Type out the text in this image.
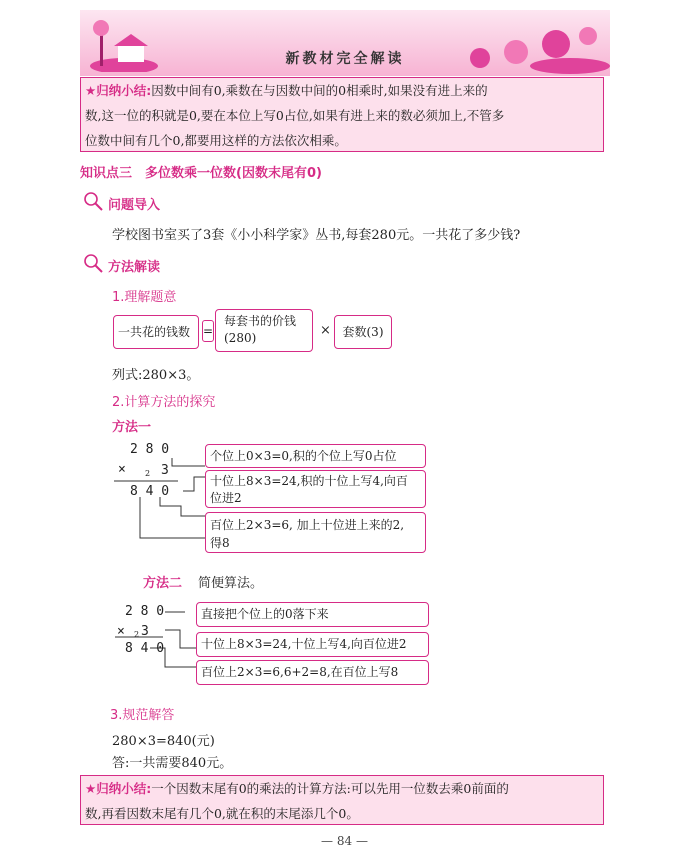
新教材完全解读
★归纳小结:因数中间有0,乘数在与因数中间的0相乘时,如果没有进上来的
数,这一位的积就是0,要在本位上写0占位,如果有进上来的数必须加上,不管多
位数中间有几个0,都要用这样的方法依次相乘。
知识点三　多位数乘一位数(因数末尾有0)
问题导入
学校图书室买了3套《小小科学家》丛书,每套280元。一共花了多少钱?
方法解读
1.理解题意
一共花的钱数	=
每套书的价钱
(280)	× 套数(3)
列式:280×3。
2.计算方法的探究
方法一
2 8 0
× 2 3
8 4 0
个位上0×3=0,积的个位上写0占位
十位上8×3=24,积的十位上写4,向百
位进2
百位上2×3=6, 加上十位进上来的2,
得8
方法二 简便算法。
2 8 0
× 2 3
8 4 0
直接把个位上的0落下来
十位上8×3=24,十位上写4,向百位进2
百位上2×3=6,6+2=8,在百位上写8
3.规范解答
280×3=840(元)
答:一共需要840元。
★归纳小结:一个因数末尾有0的乘法的计算方法:可以先用一位数去乘0前面的
数,再看因数末尾有几个0,就在积的末尾添几个0。
— 84 —
